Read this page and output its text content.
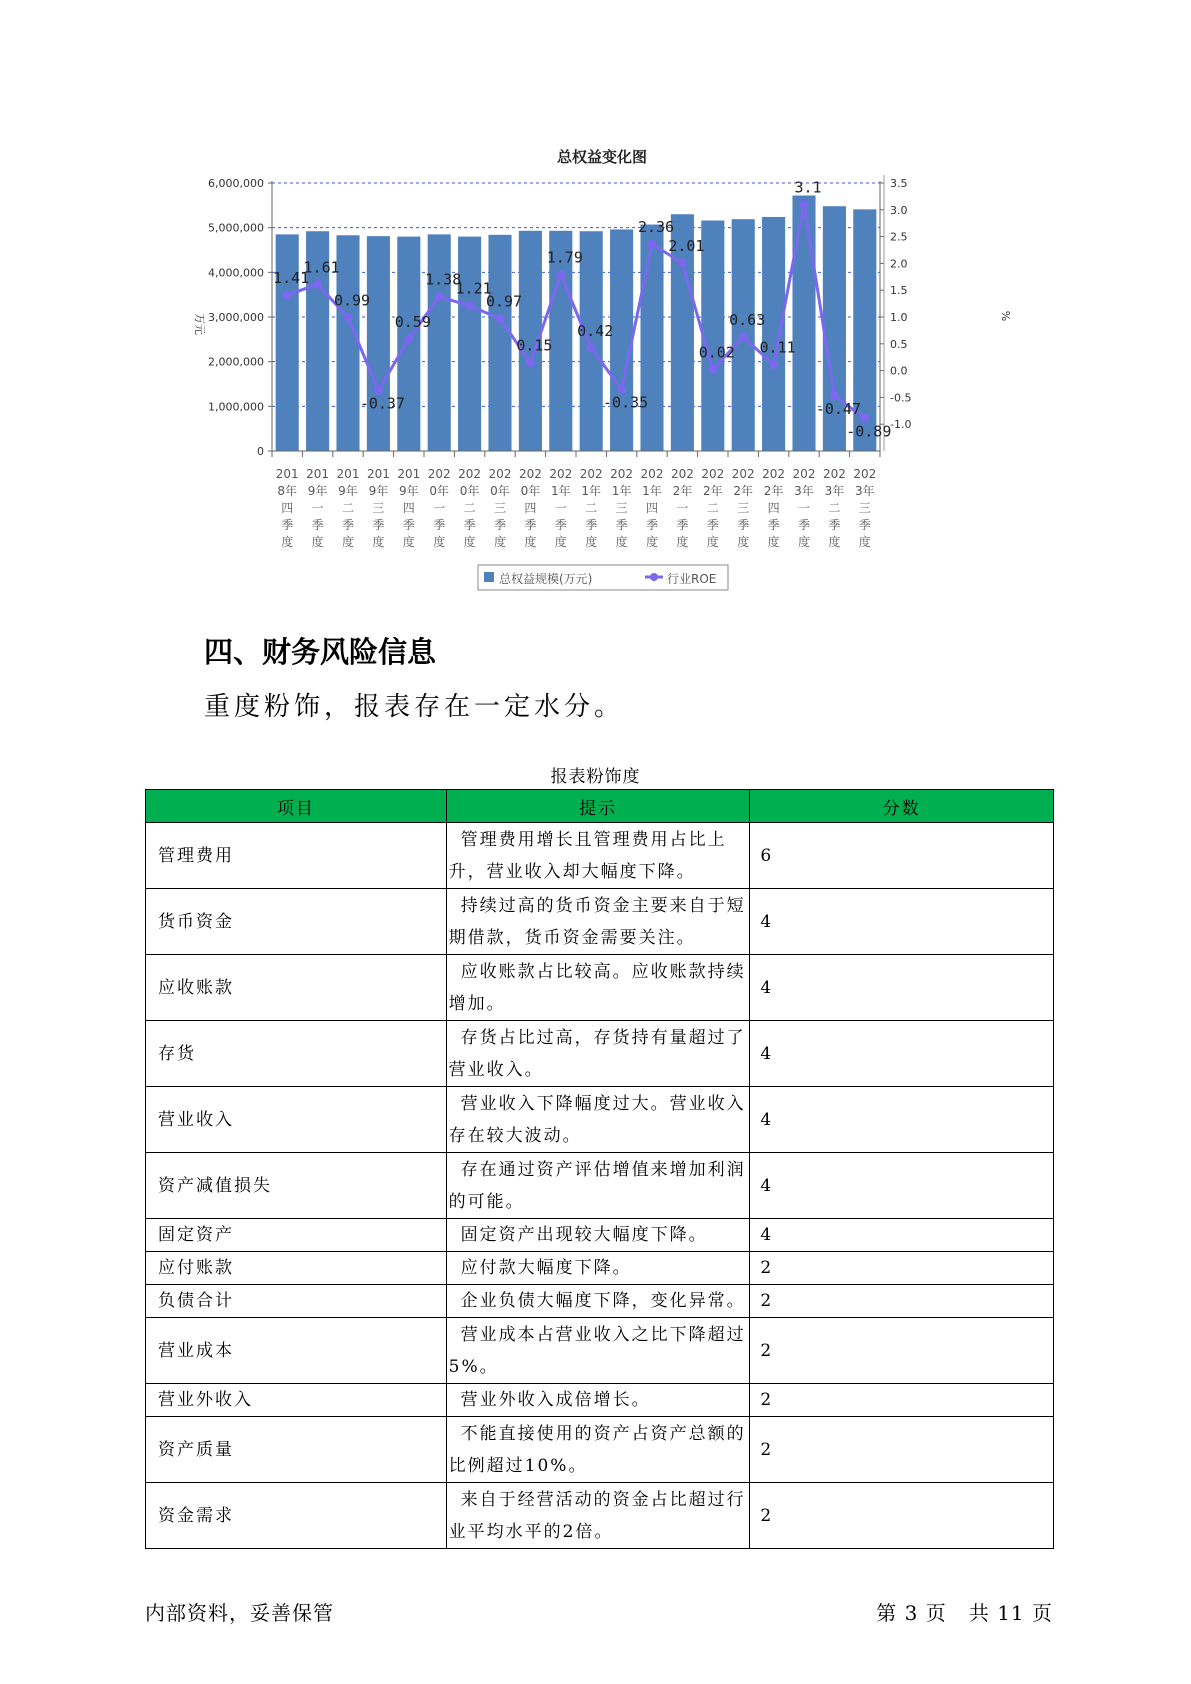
总权益变化图
0
1,000,000
2,000,000
3,000,000
4,000,000
5,000,000
6,000,000
-1.0
-0.5
0.0
0.5
1.0
1.5
2.0
2.5
3.0
3.5
1.41
1.61
0.99
-0.37
0.59
1.38
1.21
0.97
0.15
1.79
0.42
-0.35
2.36
2.01
0.02
0.63
0.11
3.1
-0.47
-0.89
201 8年四季度
201 9年一季度
201 9年二季度
201 9年三季度
201 9年四季度
202 0年一季度
202 0年二季度
202 0年三季度
202 0年四季度
202 1年一季度
202 1年二季度
202 1年三季度
202 1年四季度
202 2年一季度
202 2年二季度
202 2年三季度
202 2年四季度
202 3年一季度
202 3年二季度
202 3年三季度
万元	%
总权益规模(万元)	行业ROE
四、财务风险信息

重度粉饰，报表存在一定水分。

报表粉饰度

项目	提示	分数
管理费用	管理费用增长且管理费用占比上升，营业收入却大幅度下降。	6
货币资金	持续过高的货币资金主要来自于短期借款，货币资金需要关注。	4
应收账款	应收账款占比较高。应收账款持续增加。	4
存货	存货占比过高，存货持有量超过了营业收入。	4
营业收入	营业收入下降幅度过大。营业收入存在较大波动。	4
资产减值损失	存在通过资产评估增值来增加利润的可能。	4
固定资产	固定资产出现较大幅度下降。	4
应付账款	应付款大幅度下降。	2
负债合计	企业负债大幅度下降，变化异常。	2
营业成本	营业成本占营业收入之比下降超过5%。	2
营业外收入	营业外收入成倍增长。	2
资产质量	不能直接使用的资产占资产总额的比例超过10%。	2
资金需求	来自于经营活动的资金占比超过行业平均水平的2倍。	2
内部资料，妥善保管	第 3 页 共 11 页
